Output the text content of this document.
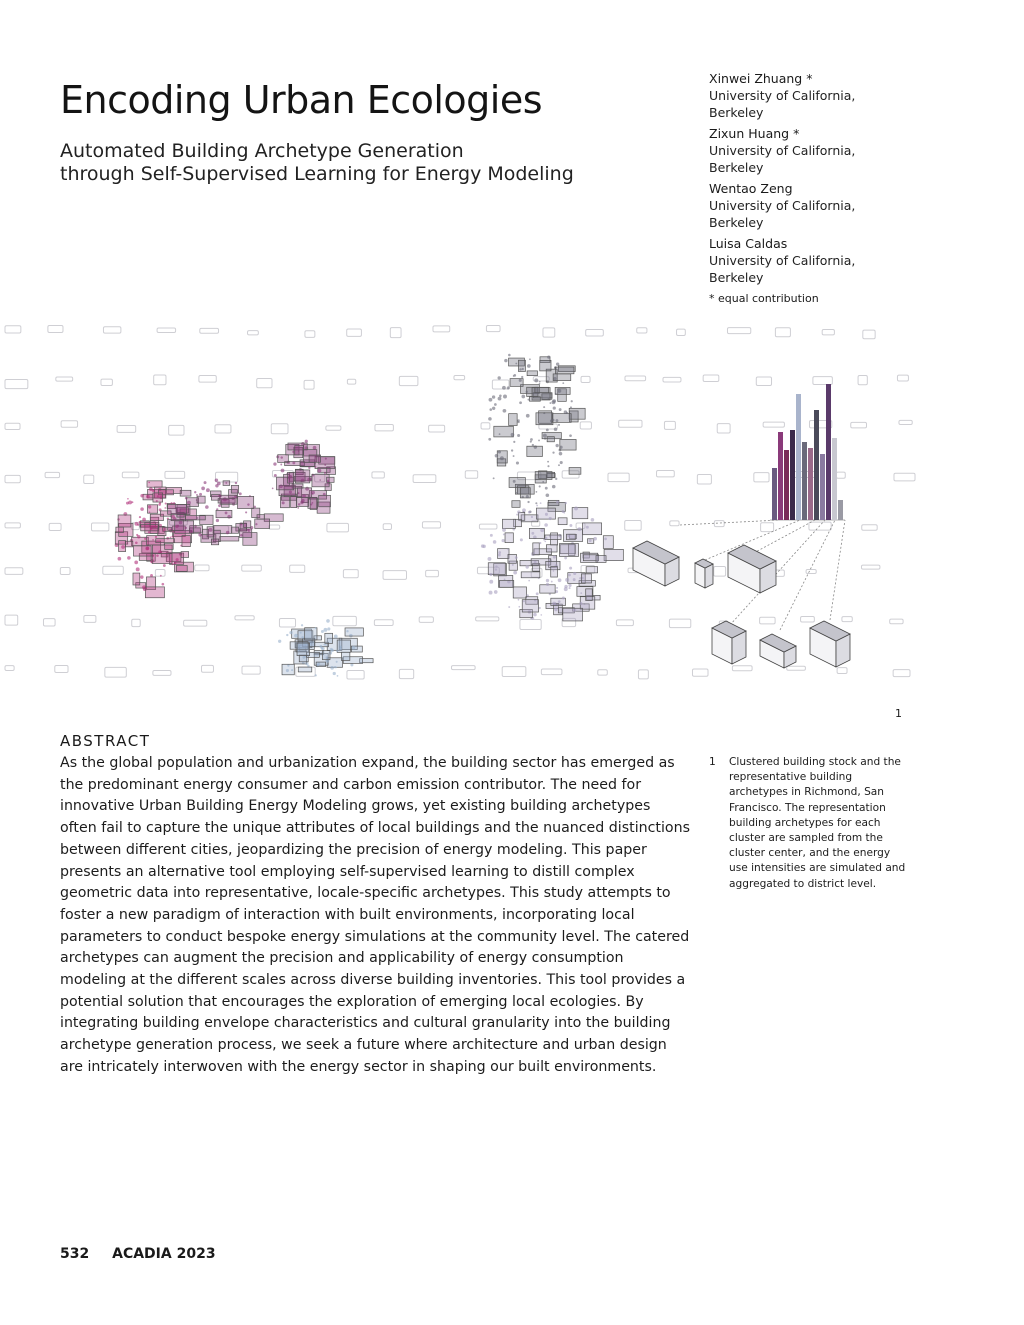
Encoding Urban Ecologies
Automated Building Archetype Generation
through Self-Supervised Learning for Energy Modeling
Xinwei Zhuang *
University of California,
Berkeley
Zixun Huang *
University of California,
Berkeley
Wentao Zeng
University of California,
Berkeley
Luisa Caldas
University of California,
Berkeley
* equal contribution
1
ABSTRACT

As the global population and urbanization expand, the building sector has emerged as the predominant energy consumer and carbon emission contributor. The need for innovative Urban Building Energy Modeling grows, yet existing building archetypes often fail to capture the unique attributes of local buildings and the nuanced distinctions between different cities, jeopardizing the precision of energy modeling. This paper presents an alternative tool employing self-supervised learning to distill complex geometric data into representative, locale-specific archetypes. This study attempts to foster a new paradigm of interaction with built environments, incorporating local parameters to conduct bespoke energy simulations at the community level. The catered archetypes can augment the precision and applicability of energy consumption modeling at the different scales across diverse building inventories. This tool provides a potential solution that encourages the exploration of emerging local ecologies. By integrating building envelope characteristics and cultural granularity into the building archetype generation process, we seek a future where architecture and urban design are intricately interwoven with the energy sector in shaping our built environments.

1 Clustered building stock and the representative building archetypes in Richmond, San Francisco. The representation building archetypes for each cluster are sampled from the cluster center, and the energy use intensities are simulated and aggregated to district level.
532 ACADIA 2023
